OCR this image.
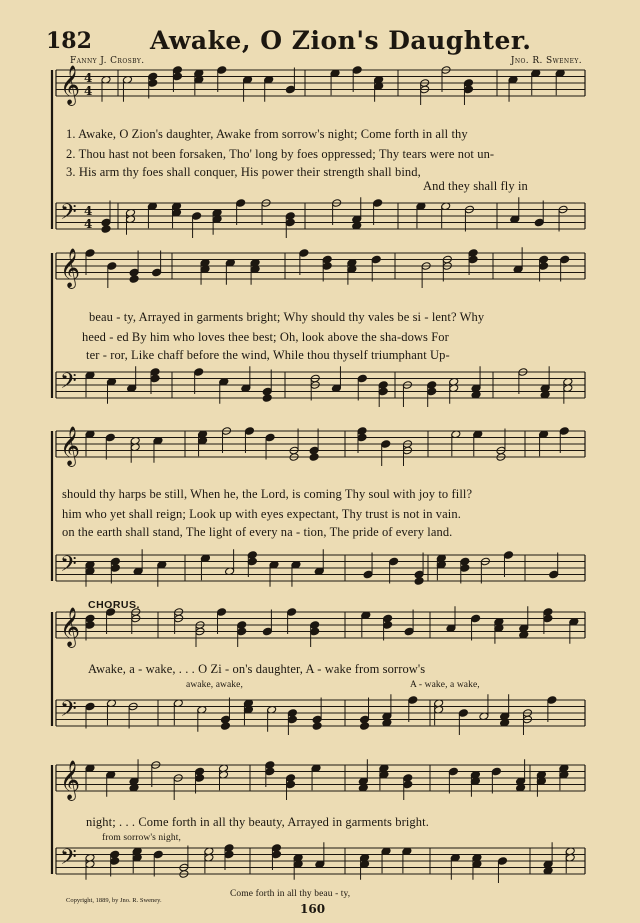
182 Awake, O Zion's Daughter.
Fanny J. Crosby.	Jno. R. Sweney.
𝄞 4
4
𝄢 4
4
𝄞
𝄢
𝄞
𝄢
𝄞
𝄢
𝄞
𝄢
1. Awake, O Zion's daughter, Awake from sorrow's night; Come forth in all thy
2. Thou hast not been forsaken, Tho' long by foes oppressed; Thy tears were not un-
3. His arm thy foes shall conquer, His power their strength shall bind,
And they shall fly in
beau - ty, Arrayed in garments bright; Why should thy vales be si - lent? Why
heed - ed By him who loves thee best; Oh, look above the sha-dows For
ter - ror, Like chaff before the wind, While thou thyself triumphant Up-
should thy harps be still, When he, the Lord, is coming Thy soul with joy to fill?
him who yet shall reign; Look up with eyes expectant, Thy trust is not in vain.
on the earth shall stand, The light of every na - tion, The pride of every land.
CHORUS.
Awake, a - wake, . . . O Zi - on's daughter, A - wake from sorrow's
awake, awake,	A - wake, a wake,
night; . . . Come forth in all thy beauty, Arrayed in garments bright.
from sorrow's night,
Come forth in all thy beau - ty,
Copyright, 1889, by Jno. R. Sweney.
160
